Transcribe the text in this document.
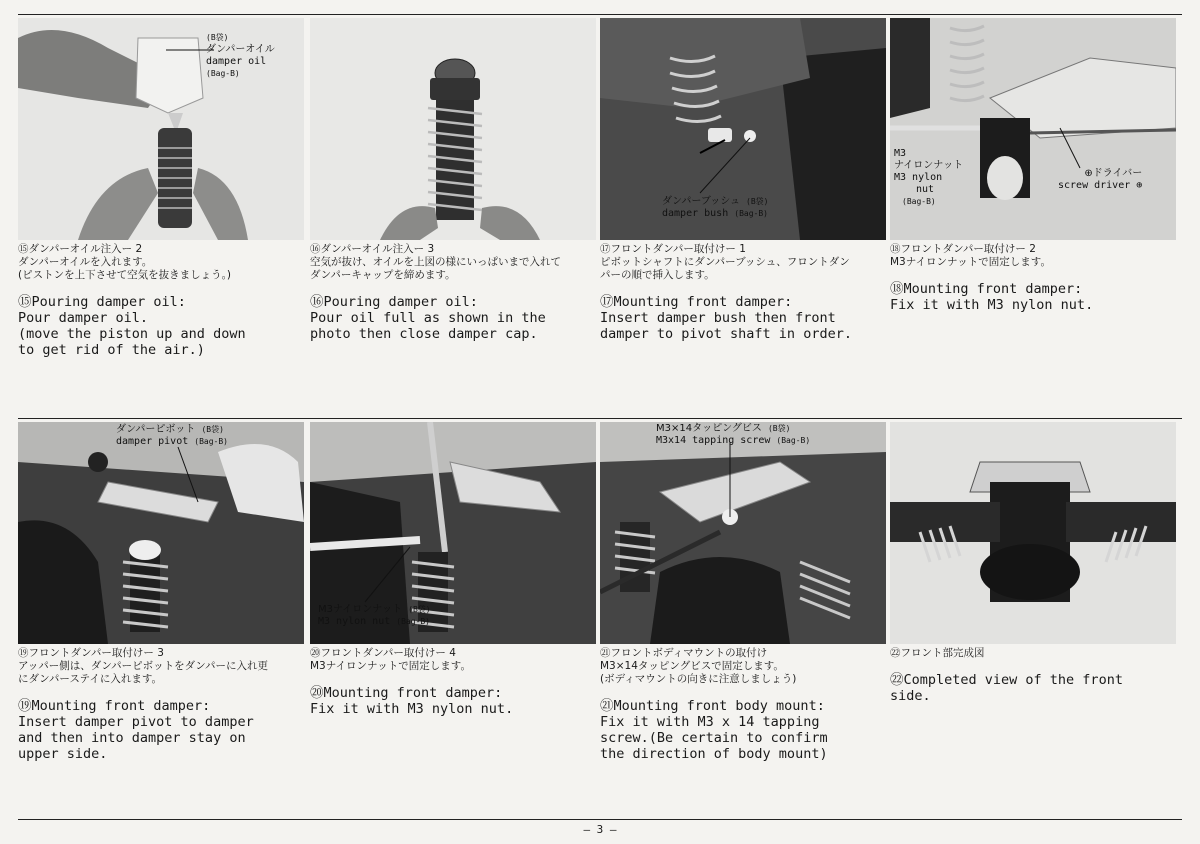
(B袋)
ダンパーオイル
damper oil
(Bag-B)
⑮ダンパーオイル注入ー 2
ダンパーオイルを入れます。
(ピストンを上下させて空気を抜きましょう。)
⑮Pouring damper oil:
Pour damper oil.
(move the piston up and down
to get rid of the air.)
⑯ダンパーオイル注入ー 3
空気が抜け、オイルを上図の様にいっぱいまで入れて
ダンパーキャップを締めます。
⑯Pouring damper oil:
Pour oil full as shown in the
photo then close damper cap.
ダンパーブッシュ (B袋)
damper bush (Bag-B)
⑰フロントダンパー取付けー 1
ピボットシャフトにダンパーブッシュ、フロントダン
パーの順で挿入します。
⑰Mounting front damper:
Insert damper bush then front
damper to pivot shaft in order.
M3
ナイロンナット
M3 nylon
nut
(Bag-B)
⊕ドライバー
screw driver ⊕
⑱フロントダンパー取付けー 2
M3ナイロンナットで固定します。
⑱Mounting front damper:
Fix it with M3 nylon nut.
ダンパーピボット (B袋)
damper pivot (Bag-B)
⑲フロントダンパー取付けー 3
アッパー側は、ダンパーピボットをダンパーに入れ更
にダンパーステイに入れます。
⑲Mounting front damper:
Insert damper pivot to damper
and then into damper stay on
upper side.
M3ナイロンナット (B袋)
M3 nylon nut (Bag-B)
⑳フロントダンパー取付けー 4
M3ナイロンナットで固定します。
⑳Mounting front damper:
Fix it with M3 nylon nut.
M3×14タッピングビス (B袋)
M3x14 tapping screw (Bag-B)
㉑フロントボディマウントの取付け
M3×14タッピングビスで固定します。
(ボディマウントの向きに注意しましょう)
㉑Mounting front body mount:
Fix it with M3 x 14 tapping
screw.(Be certain to confirm
the direction of body mount)
㉒フロント部完成図
㉒Completed view of the front
side.
— 3 —
